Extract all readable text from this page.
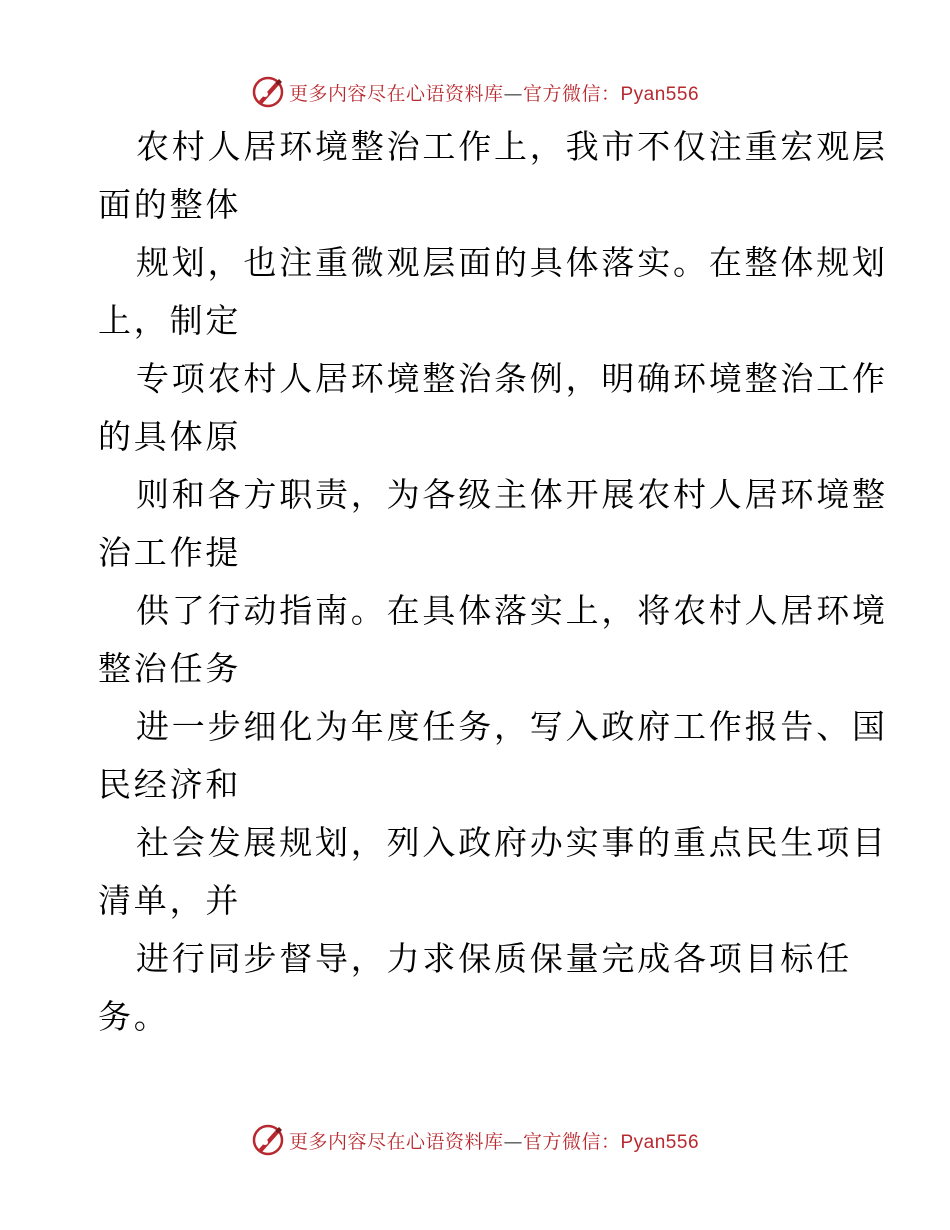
更多内容尽在心语资料库—官方微信：Pyan556
农村人居环境整治工作上，我市不仅注重宏观层
面的整体
规划，也注重微观层面的具体落实。在整体规划
上，制定
专项农村人居环境整治条例，明确环境整治工作
的具体原
则和各方职责，为各级主体开展农村人居环境整
治工作提
供了行动指南。在具体落实上，将农村人居环境
整治任务
进一步细化为年度任务，写入政府工作报告、国
民经济和
社会发展规划，列入政府办实事的重点民生项目
清单，并
进行同步督导，力求保质保量完成各项目标任
务。
更多内容尽在心语资料库—官方微信：Pyan556
